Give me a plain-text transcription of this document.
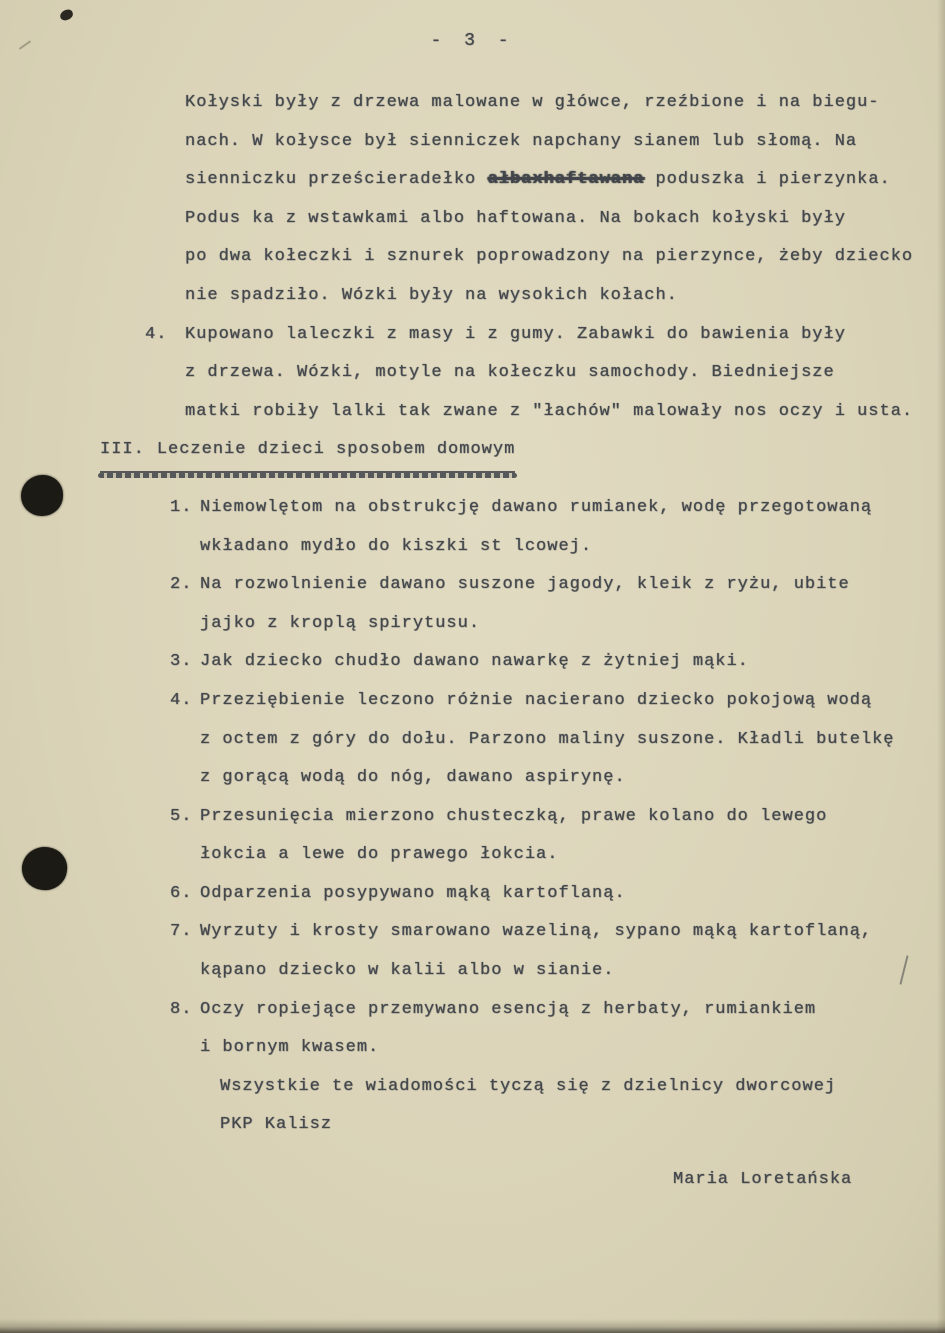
- 3 -
Kołyski były z drzewa malowane w główce, rzeźbione i na biegu-
nach. W kołysce był sienniczek napchany sianem lub słomą. Na
sienniczku prześcieradełko ałbaxhaftawana poduszka i pierzynka.
Podus ka z wstawkami albo haftowana. Na bokach kołyski były
po dwa kołeczki i sznurek poprowadzony na pierzynce, żeby dziecko
nie spadziło. Wózki były na wysokich kołach.
4. Kupowano laleczki z masy i z gumy. Zabawki do bawienia były
z drzewa. Wózki, motyle na kołeczku samochody. Biedniejsze
matki robiły lalki tak zwane z "łachów" malowały nos oczy i usta.
III. Leczenie dzieci sposobem domowym
1. Niemowlętom na obstrukcję dawano rumianek, wodę przegotowaną
wkładano mydło do kiszki st lcowej.
2. Na rozwolnienie dawano suszone jagody, kleik z ryżu, ubite
jajko z kroplą spirytusu.
3. Jak dziecko chudło dawano nawarkę z żytniej mąki.
4. Przeziębienie leczono różnie nacierano dziecko pokojową wodą
z octem z góry do dołu. Parzono maliny suszone. Kładli butelkę
z gorącą wodą do nóg, dawano aspirynę.
5. Przesunięcia mierzono chusteczką, prawe kolano do lewego
łokcia a lewe do prawego łokcia.
6. Odparzenia posypywano mąką kartoflaną.
7. Wyrzuty i krosty smarowano wazeliną, sypano mąką kartoflaną,
kąpano dziecko w kalii albo w sianie.
8. Oczy ropiejące przemywano esencją z herbaty, rumiankiem
i bornym kwasem.
Wszystkie te wiadomości tyczą się z dzielnicy dworcowej
PKP Kalisz
Maria Loretańska
